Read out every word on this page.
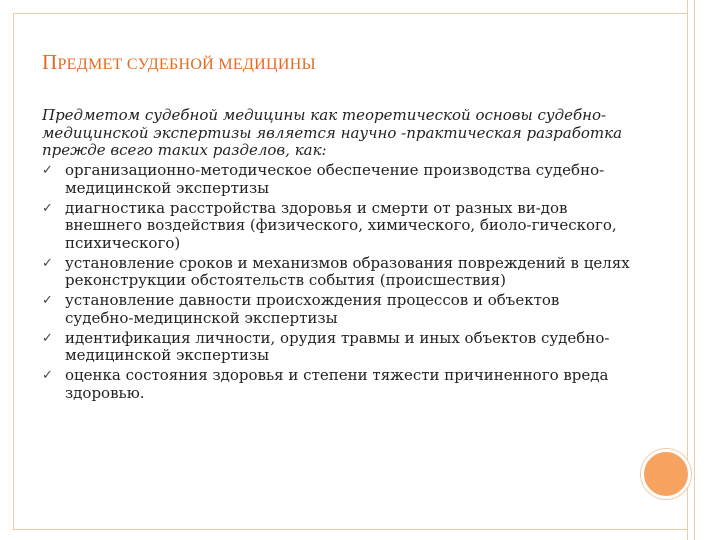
ПРЕДМЕТ СУДЕБНОЙ МЕДИЦИНЫ

Предметом судебной медицины как теоретической основы судебно-медицинской экспертизы является научно -практическая разработка прежде всего таких разделов, как:

✓ организационно-методическое обеспечение производства судебно-медицинской экспертизы
✓ диагностика расстройства здоровья и смерти от разных ви-дов внешнего воздействия (физического, химического, биоло-гического, психического)
✓ установление сроков и механизмов образования повреждений в целях реконструкции обстоятельств события (происшествия)
✓ установление давности происхождения процессов и объектов судебно-медицинской экспертизы
✓ идентификация личности, орудия травмы и иных объектов судебно-медицинской экспертизы
✓ оценка состояния здоровья и степени тяжести причиненного вреда здоровью.
